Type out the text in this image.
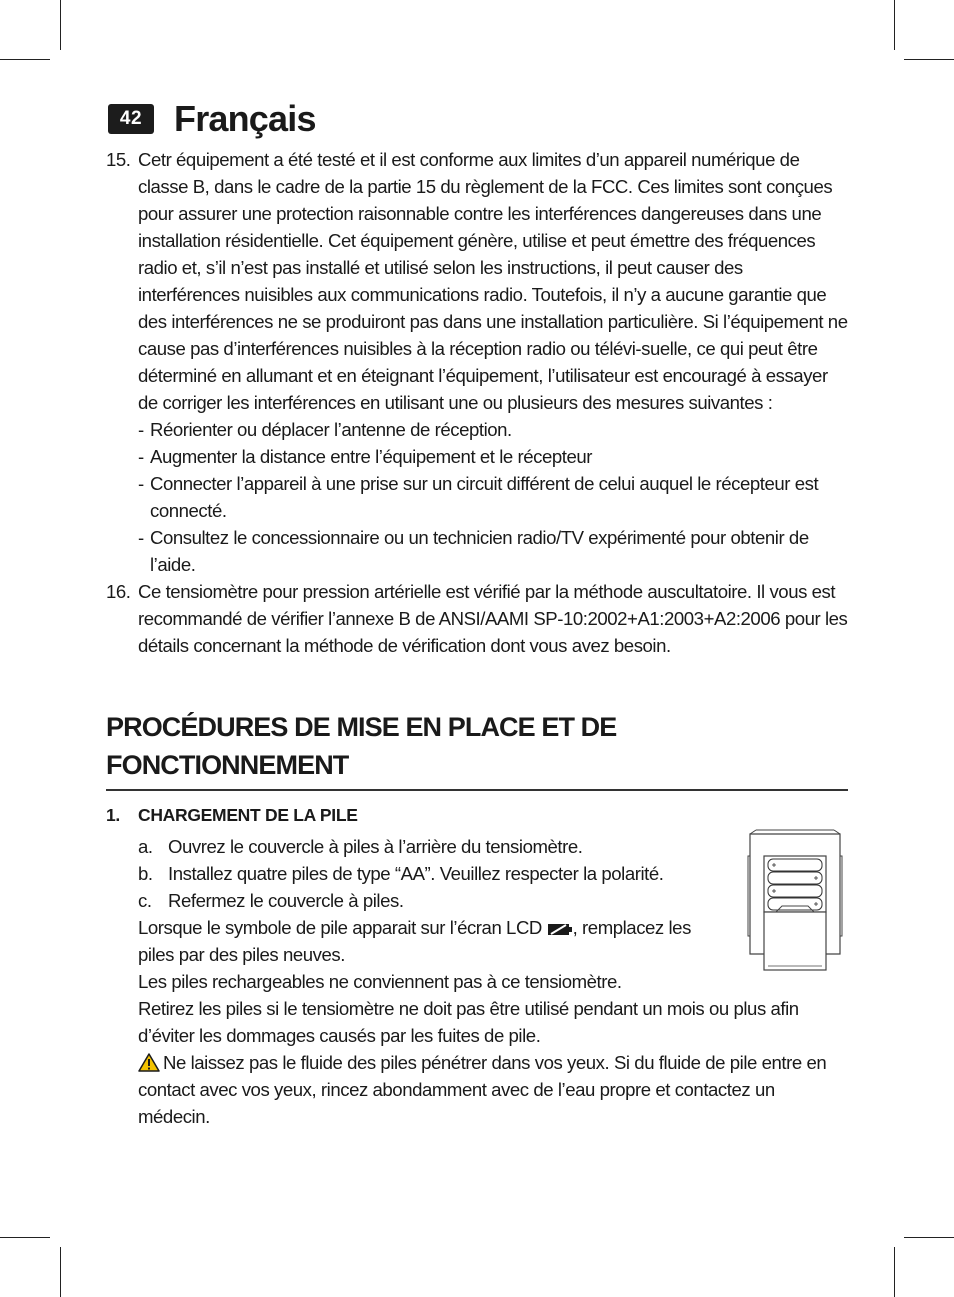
42 Français
15. Cetr équipement a été testé et il est conforme aux limites d’un appareil numérique de classe B, dans le cadre de la partie 15 du règlement de la FCC. Ces limites sont conçues pour assurer une protection raisonnable contre les interférences dangereuses dans une installation résidentielle. Cet équipement génère, utilise et peut émettre des fréquences radio et, s’il n’est pas installé et utilisé selon les instructions, il peut causer des interférences nuisibles aux communications radio. Toutefois, il n’y a aucune garantie que des interférences ne se produiront pas dans une installation particulière. Si l’équipement ne cause pas d’interférences nuisibles à la réception radio ou télévi-suelle, ce qui peut être déterminé en allumant et en éteignant l’équipement, l’utilisateur est encouragé à essayer de corriger les interférences en utilisant une ou plusieurs des mesures suivantes :
- Réorienter ou déplacer l’antenne de réception.
- Augmenter la distance entre l’équipement et le récepteur
- Connecter l’appareil à une prise sur un circuit différent de celui auquel le récepteur est connecté.
- Consultez le concessionnaire ou un technicien radio/TV expérimenté pour obtenir de l’aide.
16. Ce tensiomètre pour pression artérielle est vérifié par la méthode auscultatoire. Il vous est recommandé de vérifier l’annexe B de ANSI/AAMI SP-10:2002+A1:2003+A2:2006 pour les détails concernant la méthode de vérification dont vous avez besoin.
PROCÉDURES DE MISE EN PLACE ET DE FONCTIONNEMENT
1.	CHARGEMENT DE LA PILE
a. Ouvrez le couvercle à piles à l’arrière du tensiomètre.
b. Installez quatre piles de type “AA”. Veuillez respecter la polarité.
c. Refermez le couvercle à piles.
Lorsque le symbole de pile apparait sur l’écran LCD , remplacez les piles par des piles neuves.
Les piles rechargeables ne conviennent pas à ce tensiomètre.
Retirez les piles si le tensiomètre ne doit pas être utilisé pendant un mois ou plus afin d’éviter les dommages causés par les fuites de pile.
Ne laissez pas le fluide des piles pénétrer dans vos yeux. Si du fluide de pile entre en contact avec vos yeux, rincez abondamment avec de l’eau propre et contactez un médecin.
